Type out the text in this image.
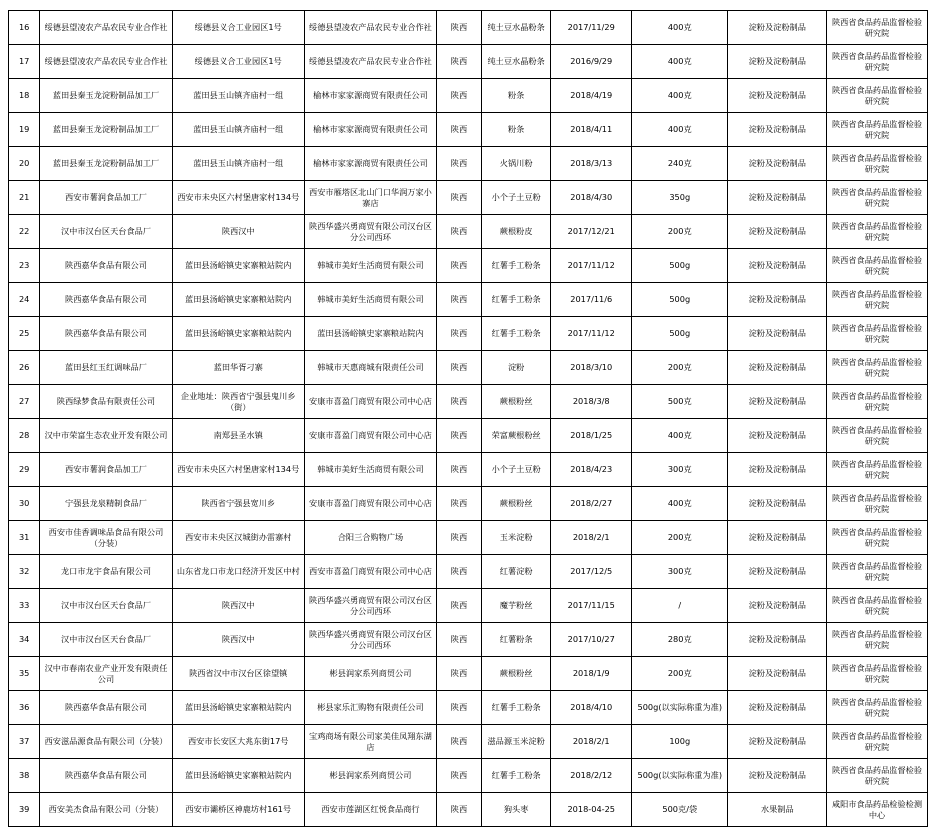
16	绥德县望凌农产品农民专业合作社	绥德县义合工业园区1号	绥德县望凌农产品农民专业合作社	陕西	纯土豆水晶粉条	2017/11/29	400克	淀粉及淀粉制品	陕西省食品药品监督检验研究院
17	绥德县望凌农产品农民专业合作社	绥德县义合工业园区1号	绥德县望凌农产品农民专业合作社	陕西	纯土豆水晶粉条	2016/9/29	400克	淀粉及淀粉制品	陕西省食品药品监督检验研究院
18	蓝田县秦玉龙淀粉制品加工厂	蓝田县玉山镇齐庙村一组	榆林市家家源商贸有限责任公司	陕西	粉条	2018/4/19	400克	淀粉及淀粉制品	陕西省食品药品监督检验研究院
19	蓝田县秦玉龙淀粉制品加工厂	蓝田县玉山镇齐庙村一组	榆林市家家源商贸有限责任公司	陕西	粉条	2018/4/11	400克	淀粉及淀粉制品	陕西省食品药品监督检验研究院
20	蓝田县秦玉龙淀粉制品加工厂	蓝田县玉山镇齐庙村一组	榆林市家家源商贸有限责任公司	陕西	火锅川粉	2018/3/13	240克	淀粉及淀粉制品	陕西省食品药品监督检验研究院
21	西安市薯润食品加工厂	西安市未央区六村堡唐家村134号	西安市雁塔区北山门口华润万家小寨店	陕西	小个子土豆粉	2018/4/30	350g	淀粉及淀粉制品	陕西省食品药品监督检验研究院
22	汉中市汉台区天台食品厂	陕西汉中	陕西华盛兴勇商贸有限公司汉台区分公司西环	陕西	蕨根粉皮	2017/12/21	200克	淀粉及淀粉制品	陕西省食品药品监督检验研究院
23	陕西嘉华食品有限公司	蓝田县汤峪镇史家寨粮站院内	韩城市美好生活商贸有限公司	陕西	红薯手工粉条	2017/11/12	500g	淀粉及淀粉制品	陕西省食品药品监督检验研究院
24	陕西嘉华食品有限公司	蓝田县汤峪镇史家寨粮站院内	韩城市美好生活商贸有限公司	陕西	红薯手工粉条	2017/11/6	500g	淀粉及淀粉制品	陕西省食品药品监督检验研究院
25	陕西嘉华食品有限公司	蓝田县汤峪镇史家寨粮站院内	蓝田县汤峪镇史家寨粮站院内	陕西	红薯手工粉条	2017/11/12	500g	淀粉及淀粉制品	陕西省食品药品监督检验研究院
26	蓝田县红玉红调味品厂	蓝田华胥刁寨	韩城市天惠商城有限责任公司	陕西	淀粉	2018/3/10	200克	淀粉及淀粉制品	陕西省食品药品监督检验研究院
27	陕西绿梦食品有限责任公司	企业地址：陕西省宁强县鬼川乡（街）	安康市喜盈门商贸有限公司中心店	陕西	蕨根粉丝	2018/3/8	500克	淀粉及淀粉制品	陕西省食品药品监督检验研究院
28	汉中市荣富生态农业开发有限公司	南郑县圣水镇	安康市喜盈门商贸有限公司中心店	陕西	荣富蕨根粉丝	2018/1/25	400克	淀粉及淀粉制品	陕西省食品药品监督检验研究院
29	西安市薯润食品加工厂	西安市未央区六村堡唐家村134号	韩城市美好生活商贸有限公司	陕西	小个子土豆粉	2018/4/23	300克	淀粉及淀粉制品	陕西省食品药品监督检验研究院
30	宁强县龙泉精制食品厂	陕西省宁强县宽川乡	安康市喜盈门商贸有限公司中心店	陕西	蕨根粉丝	2018/2/27	400克	淀粉及淀粉制品	陕西省食品药品监督检验研究院
31	西安市佳香调味品食品有限公司（分装）	西安市未央区汉城街办雷寨村	合阳三合购物广场	陕西	玉米淀粉	2018/2/1	200克	淀粉及淀粉制品	陕西省食品药品监督检验研究院
32	龙口市龙宇食品有限公司	山东省龙口市龙口经济开发区中村	西安市喜盈门商贸有限公司中心店	陕西	红薯淀粉	2017/12/5	300克	淀粉及淀粉制品	陕西省食品药品监督检验研究院
33	汉中市汉台区天台食品厂	陕西汉中	陕西华盛兴勇商贸有限公司汉台区分公司西环	陕西	魔芋粉丝	2017/11/15	/	淀粉及淀粉制品	陕西省食品药品监督检验研究院
34	汉中市汉台区天台食品厂	陕西汉中	陕西华盛兴勇商贸有限公司汉台区分公司西环	陕西	红薯粉条	2017/10/27	280克	淀粉及淀粉制品	陕西省食品药品监督检验研究院
35	汉中市春南农业产业开发有限责任公司	陕西省汉中市汉台区徐望镇	彬县润家系列商贸公司	陕西	蕨根粉丝	2018/1/9	200克	淀粉及淀粉制品	陕西省食品药品监督检验研究院
36	陕西嘉华食品有限公司	蓝田县汤峪镇史家寨粮站院内	彬县家乐汇购物有限责任公司	陕西	红薯手工粉条	2018/4/10	500g(以实际称重为准)	淀粉及淀粉制品	陕西省食品药品监督检验研究院
37	西安滋品源食品有限公司（分装）	西安市长安区大兆东街17号	宝鸡商场有限公司家美佳凤翔东湖店	陕西	滋品源玉米淀粉	2018/2/1	100g	淀粉及淀粉制品	陕西省食品药品监督检验研究院
38	陕西嘉华食品有限公司	蓝田县汤峪镇史家寨粮站院内	彬县润家系列商贸公司	陕西	红薯手工粉条	2018/2/12	500g(以实际称重为准)	淀粉及淀粉制品	陕西省食品药品监督检验研究院
39	西安美杰食品有限公司（分装）	西安市灞桥区神鹿坊村161号	西安市莲湖区红悦食品商行	陕西	狗头枣	2018-04-25	500克/袋	水果制品	咸阳市食品药品检验检测中心
